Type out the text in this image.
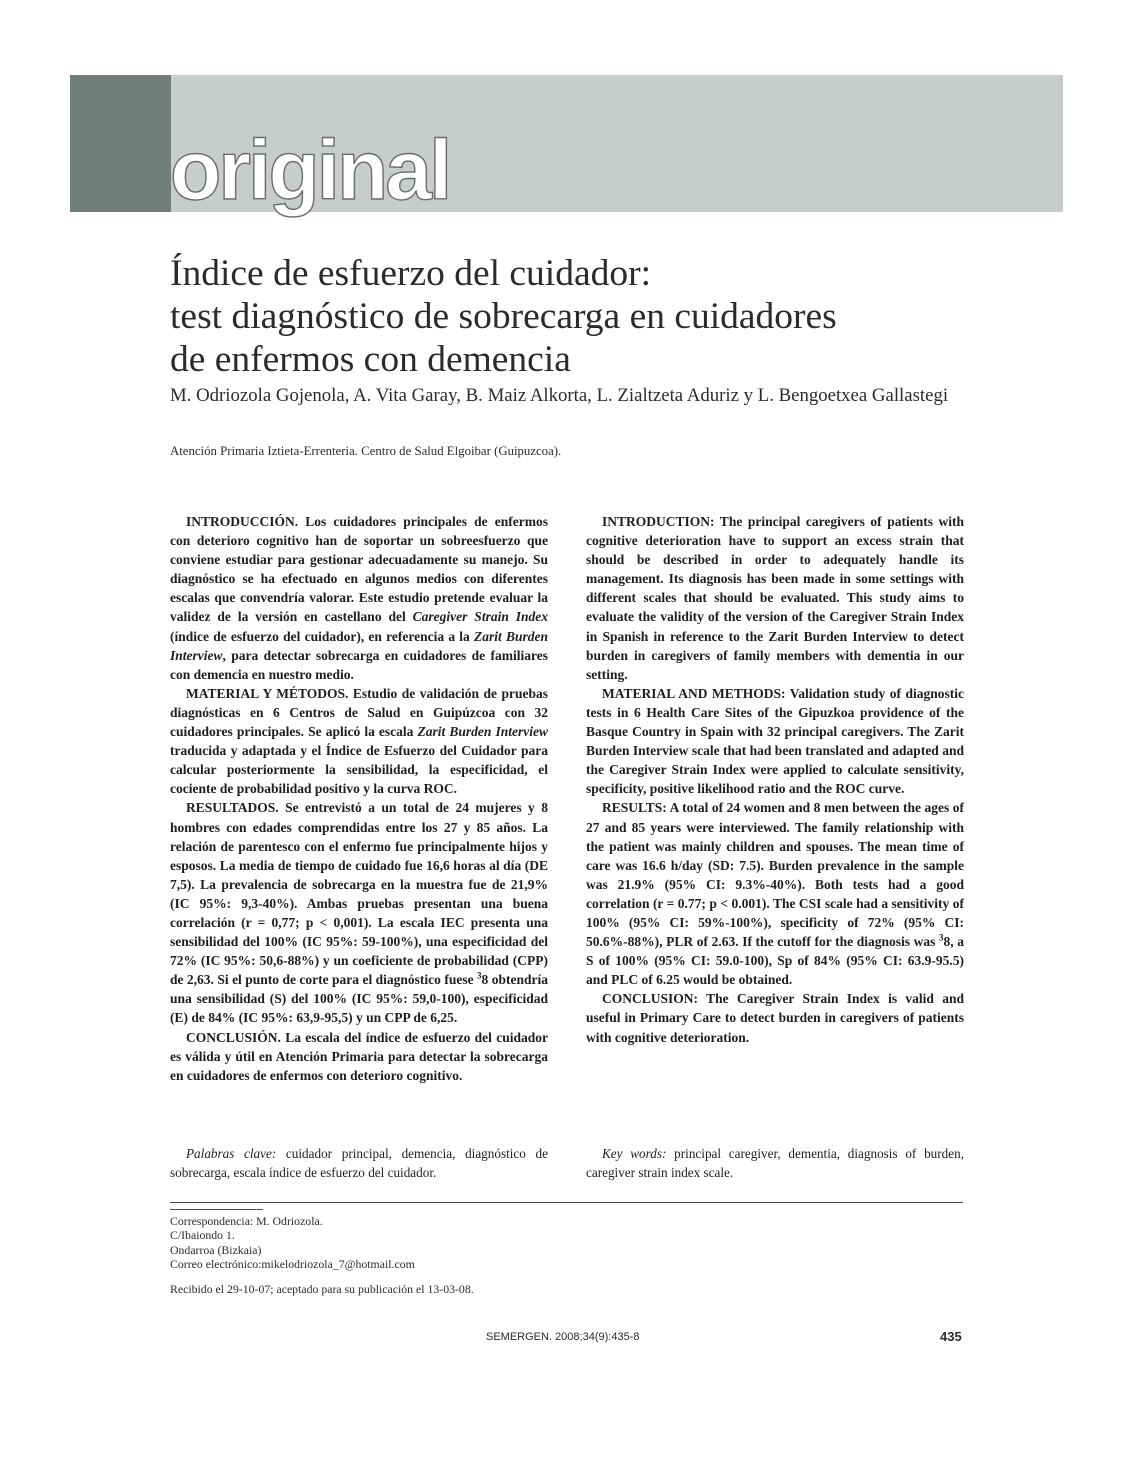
original
Índice de esfuerzo del cuidador:
test diagnóstico de sobrecarga en cuidadores
de enfermos con demencia

M. Odriozola Gojenola, A. Vita Garay, B. Maiz Alkorta, L. Zialtzeta Aduriz y L. Bengoetxea Gallastegi

Atención Primaria Iztieta-Errenteria. Centro de Salud Elgoibar (Guipuzcoa).

INTRODUCCIÓN. Los cuidadores principales de enfermos con deterioro cognitivo han de soportar un sobreesfuerzo que conviene estudiar para gestionar adecuadamente su manejo. Su diagnóstico se ha efectuado en algunos medios con diferentes escalas que convendría valorar. Este estudio pretende evaluar la validez de la versión en castellano del Caregiver Strain Index (índice de esfuerzo del cuidador), en referencia a la Zarit Burden Interview, para detectar sobrecarga en cuidadores de familiares con demencia en nuestro medio.

MATERIAL Y MÉTODOS. Estudio de validación de pruebas diagnósticas en 6 Centros de Salud en Guipúzcoa con 32 cuidadores principales. Se aplicó la escala Zarit Burden Interview traducida y adaptada y el Índice de Esfuerzo del Cuidador para calcular posteriormente la sensibilidad, la especificidad, el cociente de probabilidad positivo y la curva ROC.

RESULTADOS. Se entrevistó a un total de 24 mujeres y 8 hombres con edades comprendidas entre los 27 y 85 años. La relación de parentesco con el enfermo fue principalmente hijos y esposos. La media de tiempo de cuidado fue 16,6 horas al día (DE 7,5). La prevalencia de sobrecarga en la muestra fue de 21,9% (IC 95%: 9,3-40%). Ambas pruebas presentan una buena correlación (r = 0,77; p < 0,001). La escala IEC presenta una sensibilidad del 100% (IC 95%: 59-100%), una especificidad del 72% (IC 95%: 50,6-88%) y un coeficiente de probabilidad (CPP) de 2,63. Si el punto de corte para el diagnóstico fuese $^3$8 obtendría una sensibilidad (S) del 100% (IC 95%: 59,0-100), especificidad (E) de 84% (IC 95%: 63,9-95,5) y un CPP de 6,25.

CONCLUSIÓN. La escala del índice de esfuerzo del cuidador es válida y útil en Atención Primaria para detectar la sobrecarga en cuidadores de enfermos con deterioro cognitivo.

INTRODUCTION: The principal caregivers of patients with cognitive deterioration have to support an excess strain that should be described in order to adequately handle its management. Its diagnosis has been made in some settings with different scales that should be evaluated. This study aims to evaluate the validity of the version of the Caregiver Strain Index in Spanish in reference to the Zarit Burden Interview to detect burden in caregivers of family members with dementia in our setting.

MATERIAL AND METHODS: Validation study of diagnostic tests in 6 Health Care Sites of the Gipuzkoa providence of the Basque Country in Spain with 32 principal caregivers. The Zarit Burden Interview scale that had been translated and adapted and the Caregiver Strain Index were applied to calculate sensitivity, specificity, positive likelihood ratio and the ROC curve.

RESULTS: A total of 24 women and 8 men between the ages of 27 and 85 years were interviewed. The family relationship with the patient was mainly children and spouses. The mean time of care was 16.6 h/day (SD: 7.5). Burden prevalence in the sample was 21.9% (95% CI: 9.3%-40%). Both tests had a good correlation (r = 0.77; p < 0.001). The CSI scale had a sensitivity of 100% (95% CI: 59%-100%), specificity of 72% (95% CI: 50.6%-88%), PLR of 2.63. If the cutoff for the diagnosis was $^3$8, a S of 100% (95% CI: 59.0-100), Sp of 84% (95% CI: 63.9-95.5) and PLC of 6.25 would be obtained.

CONCLUSION: The Caregiver Strain Index is valid and useful in Primary Care to detect burden in caregivers of patients with cognitive deterioration.

Palabras clave: cuidador principal, demencia, diagnóstico de sobrecarga, escala índice de esfuerzo del cuidador.

Key words: principal caregiver, dementia, diagnosis of burden, caregiver strain index scale.

Correspondencia: M. Odriozola.
C/Ibaiondo 1.
Ondarroa (Bizkaia)
Correo electrónico:mikelodriozola_7@hotmail.com

Recibido el 29-10-07; aceptado para su publicación el 13-03-08.

SEMERGEN. 2008;34(9):435-8	435
